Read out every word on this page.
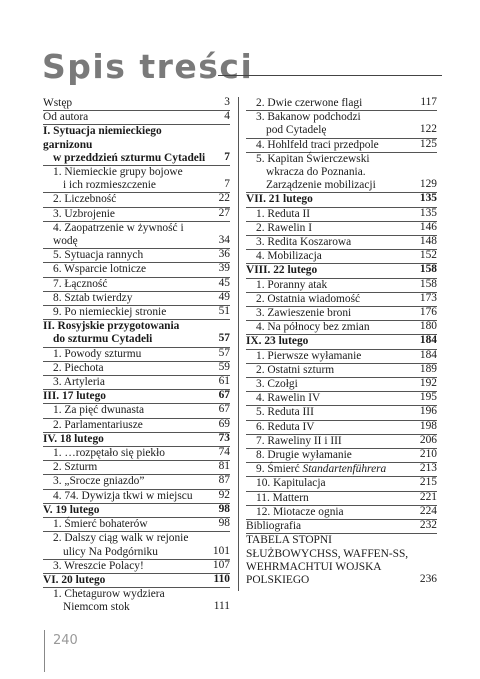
Spis treści
Wstęp	3
Od autora	4
I. Sytuacja niemieckiego garnizonu
w przeddzień szturmu Cytadeli	7
1. Niemieckie grupy bojowe
i ich rozmieszczenie	7
2. Liczebność	22
3. Uzbrojenie	27
4. Zaopatrzenie w żywność i wodę	34
5. Sytuacja rannych	36
6. Wsparcie lotnicze	39
7. Łączność	45
8. Sztab twierdzy	49
9. Po niemieckiej stronie	51
II. Rosyjskie przygotowania
do szturmu Cytadeli	57
1. Powody szturmu	57
2. Piechota	59
3. Artyleria	61
III. 17 lutego	67
1. Za pięć dwunasta	67
2. Parlamentariusze	69
IV. 18 lutego	73
1. …rozpętało się piekło	74
2. Szturm	81
3. „Srocze gniazdo”	87
4. 74. Dywizja tkwi w miejscu	92
V. 19 lutego	98
1. Śmierć bohaterów	98
2. Dalszy ciąg walk w rejonie
ulicy Na Podgórniku	101
3. Wreszcie Polacy!	107
VI. 20 lutego	110
1. Chetagurow wydziera
Niemcom stok	111
2. Dwie czerwone flagi	117
3. Bakanow podchodzi
pod Cytadelę	122
4. Hohlfeld traci przedpole	125
5. Kapitan Świerczewski
wkracza do Poznania.
Zarządzenie mobilizacji	129
VII. 21 lutego	135
1. Reduta II	135
2. Rawelin I	146
3. Redita Koszarowa	148
4. Mobilizacja	152
VIII. 22 lutego	158
1. Poranny atak	158
2. Ostatnia wiadomość	173
3. Zawieszenie broni	176
4. Na północy bez zmian	180
IX. 23 lutego	184
1. Pierwsze wyłamanie	184
2. Ostatni szturm	189
3. Czołgi	192
4. Rawelin IV	195
5. Reduta III	196
6. Reduta IV	198
7. Raweliny II i III	206
8. Drugie wyłamanie	210
9. Śmierć Standartenführera	213
10. Kapitulacja	215
11. Mattern	221
12. Miotacze ognia	224
Bibliografia	232
TABELA STOPNI SŁUŻBOWYCHSS, WAFFEN-SS, WEHRMACHTUI WOJSKA POLSKIEGO	236
240
